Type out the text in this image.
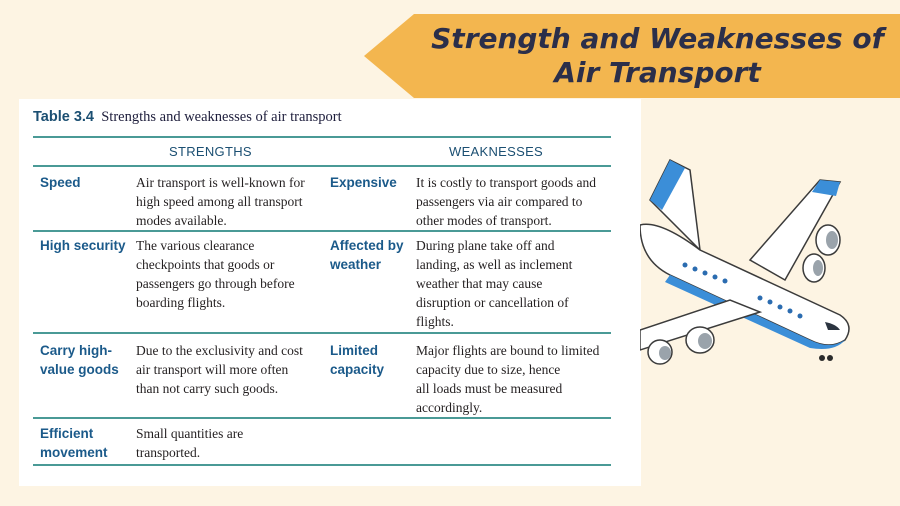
Strength and Weaknesses of
Air Transport
Table 3.4 Strengths and weaknesses of air transport
STRENGTHS	WEAKNESSES
Speed	Air transport is well-known for
high speed among all transport
modes available.
Expensive It is costly to transport goods and
passengers via air compared to
other modes of transport.
High security The various clearance
checkpoints that goods or
passengers go through before
boarding flights.
Affected by
weather
During plane take off and
landing, as well as inclement
weather that may cause
disruption or cancellation of
flights.
Carry high-
value goods
Due to the exclusivity and cost
air transport will more often
than not carry such goods.
Limited
capacity
Major flights are bound to limited
capacity due to size, hence
all loads must be measured
accordingly.
Efficient
movement
Small quantities are
transported.
